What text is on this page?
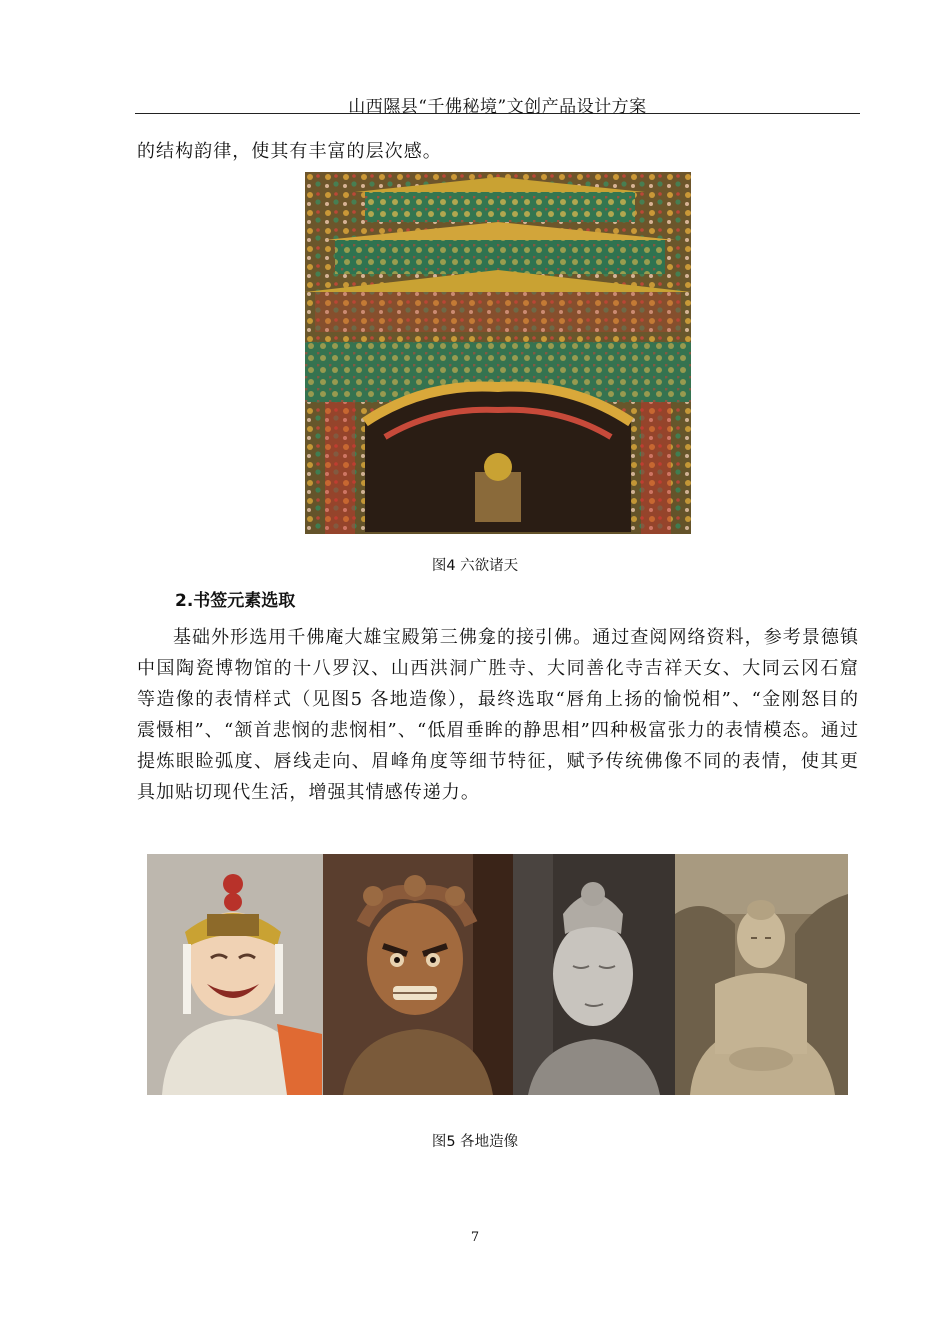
山西隰县“千佛秘境”文创产品设计方案
的结构韵律，使其有丰富的层次感。
图4 六欲诸天
2.书签元素选取
基础外形选用千佛庵大雄宝殿第三佛龛的接引佛。通过查阅网络资料，参考景德镇中国陶瓷博物馆的十八罗汉、山西洪洞广胜寺、大同善化寺吉祥天女、大同云冈石窟等造像的表情样式（见图5 各地造像），最终选取“唇角上扬的愉悦相”、“金刚怒目的震慑相”、“颔首悲悯的悲悯相”、“低眉垂眸的静思相”四种极富张力的表情模态。通过提炼眼睑弧度、唇线走向、眉峰角度等细节特征，赋予传统佛像不同的表情，使其更具加贴切现代生活，增强其情感传递力。
图5 各地造像
7
